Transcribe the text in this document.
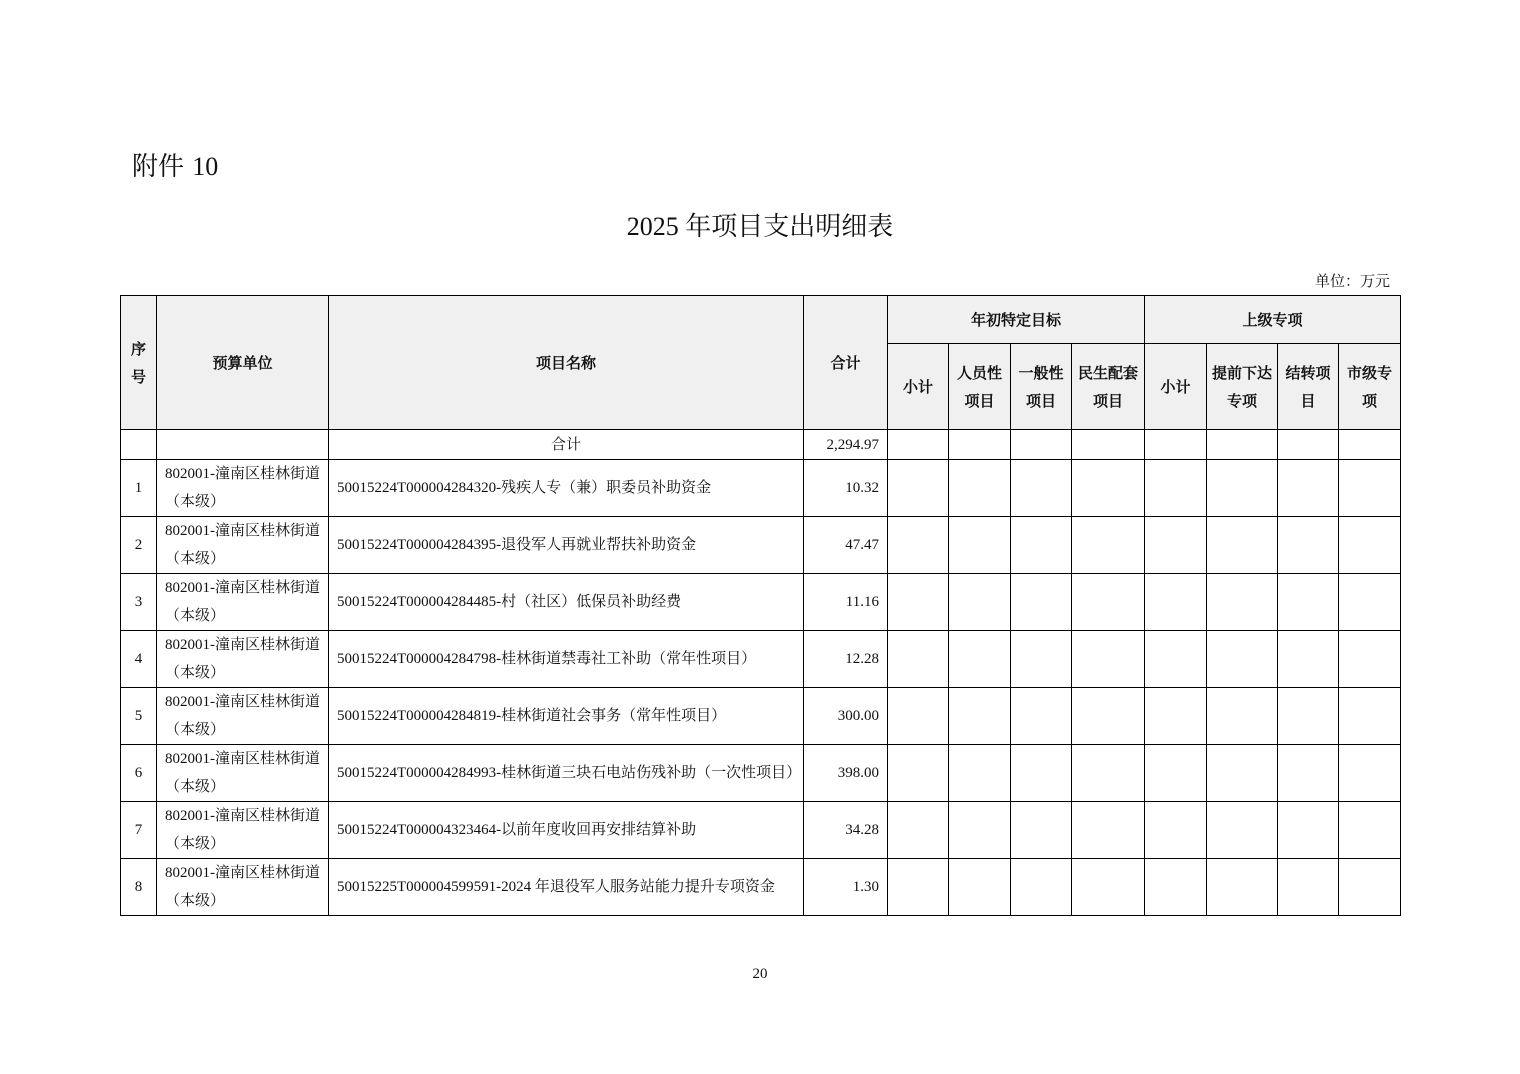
附件 10
2025 年项目支出明细表
单位：万元
序号	预算单位	项目名称	合计	年初特定目标				上级专项			
				小计	人员性项目	一般性项目	民生配套项目	小计	提前下达专项	结转项目	市级专项
		合计	2,294.97								
1	802001-潼南区桂林街道（本级）	50015224T000004284320-残疾人专（兼）职委员补助资金	10.32								
2	802001-潼南区桂林街道（本级）	50015224T000004284395-退役军人再就业帮扶补助资金	47.47								
3	802001-潼南区桂林街道（本级）	50015224T000004284485-村（社区）低保员补助经费	11.16								
4	802001-潼南区桂林街道（本级）	50015224T000004284798-桂林街道禁毒社工补助（常年性项目）	12.28								
5	802001-潼南区桂林街道（本级）	50015224T000004284819-桂林街道社会事务（常年性项目）	300.00								
6	802001-潼南区桂林街道（本级）	50015224T000004284993-桂林街道三块石电站伤残补助（一次性项目）	398.00								
7	802001-潼南区桂林街道（本级）	50015224T000004323464-以前年度收回再安排结算补助	34.28								
8	802001-潼南区桂林街道（本级）	50015225T000004599591-2024 年退役军人服务站能力提升专项资金	1.30								
20
